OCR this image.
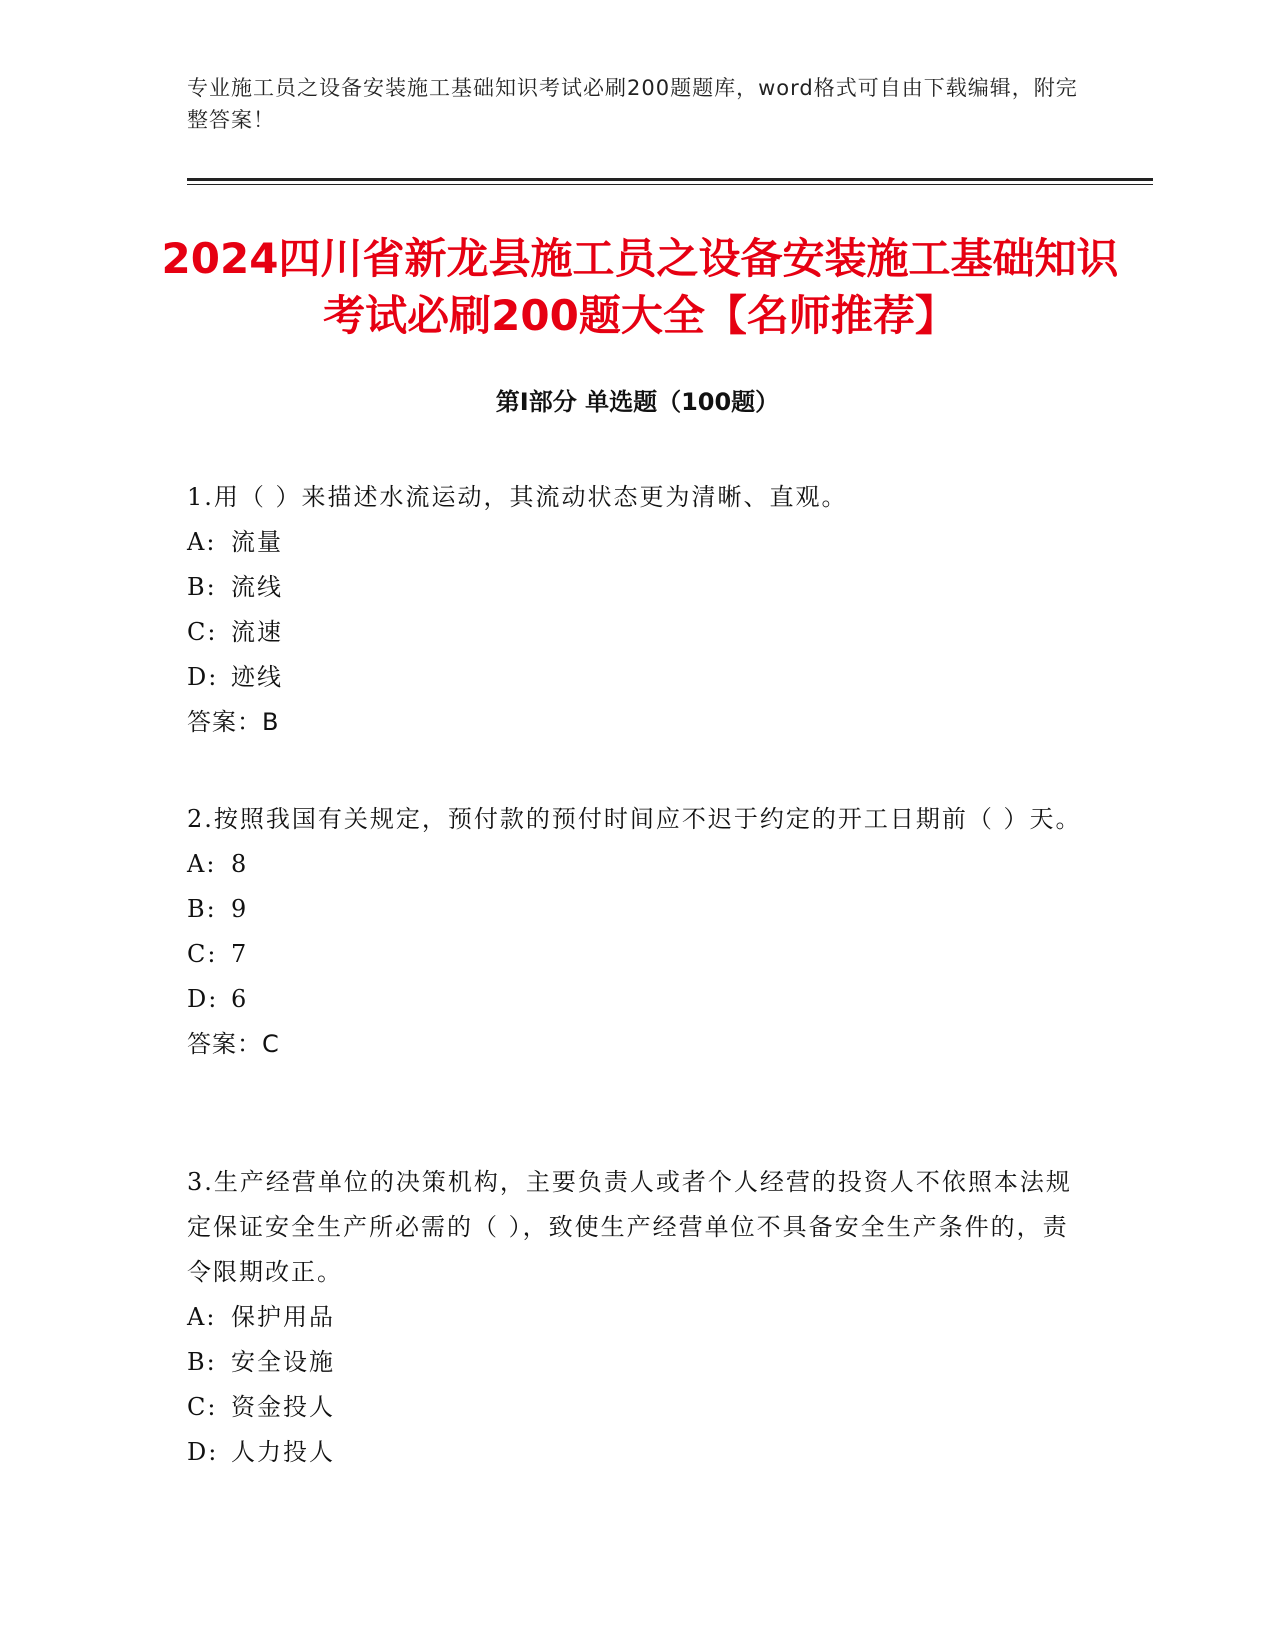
专业施工员之设备安装施工基础知识考试必刷200题题库，word格式可自由下载编辑，附完整答案！
2024四川省新龙县施工员之设备安装施工基础知识考试必刷200题大全【名师推荐】
第I部分 单选题（100题）
1.用（ ）来描述水流运动，其流动状态更为清晰、直观。
A: 流量
B: 流线
C: 流速
D: 迹线
答案：B
2.按照我国有关规定，预付款的预付时间应不迟于约定的开工日期前（ ）天。
A: 8
B: 9
C: 7
D: 6
答案：C
3.生产经营单位的决策机构，主要负责人或者个人经营的投资人不依照本法规定保证安全生产所必需的（ ），致使生产经营单位不具备安全生产条件的，责令限期改正。
A: 保护用品
B: 安全设施
C: 资金投人
D: 人力投人
